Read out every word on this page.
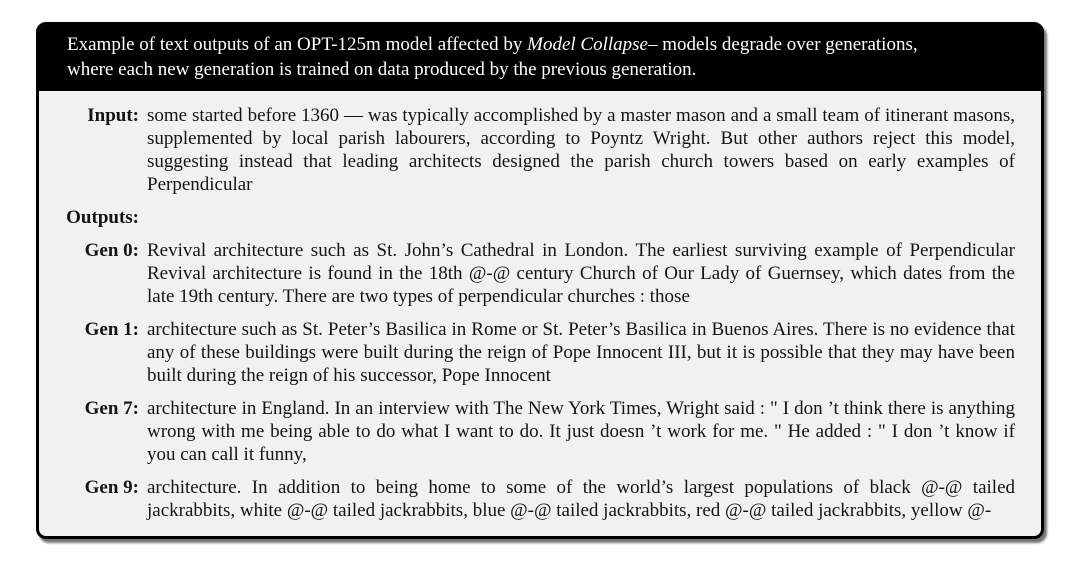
Example of text outputs of an OPT-125m model affected by Model Collapse– models degrade over generations,
where each new generation is trained on data produced by the previous generation.
Input: some started before 1360 — was typically accomplished by a master mason and a small team of itinerant masons, supplemented by local parish labourers, according to Poyntz Wright. But other authors reject this model, suggesting instead that leading architects designed the parish church towers based on early examples of Perpendicular
Outputs:
Gen 0: Revival architecture such as St. John’s Cathedral in London. The earliest surviving example of Perpendicular Revival architecture is found in the 18th @-@ century Church of Our Lady of Guernsey, which dates from the late 19th century. There are two types of perpendicular churches : those
Gen 1: architecture such as St. Peter’s Basilica in Rome or St. Peter’s Basilica in Buenos Aires. There is no evidence that any of these buildings were built during the reign of Pope Innocent III, but it is possible that they may have been built during the reign of his successor, Pope Innocent
Gen 7: architecture in England. In an interview with The New York Times, Wright said : " I don ’t think there is anything wrong with me being able to do what I want to do. It just doesn ’t work for me. " He added : " I don ’t know if you can call it funny,
Gen 9: architecture. In addition to being home to some of the world’s largest populations of black @-@ tailed jackrabbits, white @-@ tailed jackrabbits, blue @-@ tailed jackrabbits, red @-@ tailed jackrabbits, yellow @-
